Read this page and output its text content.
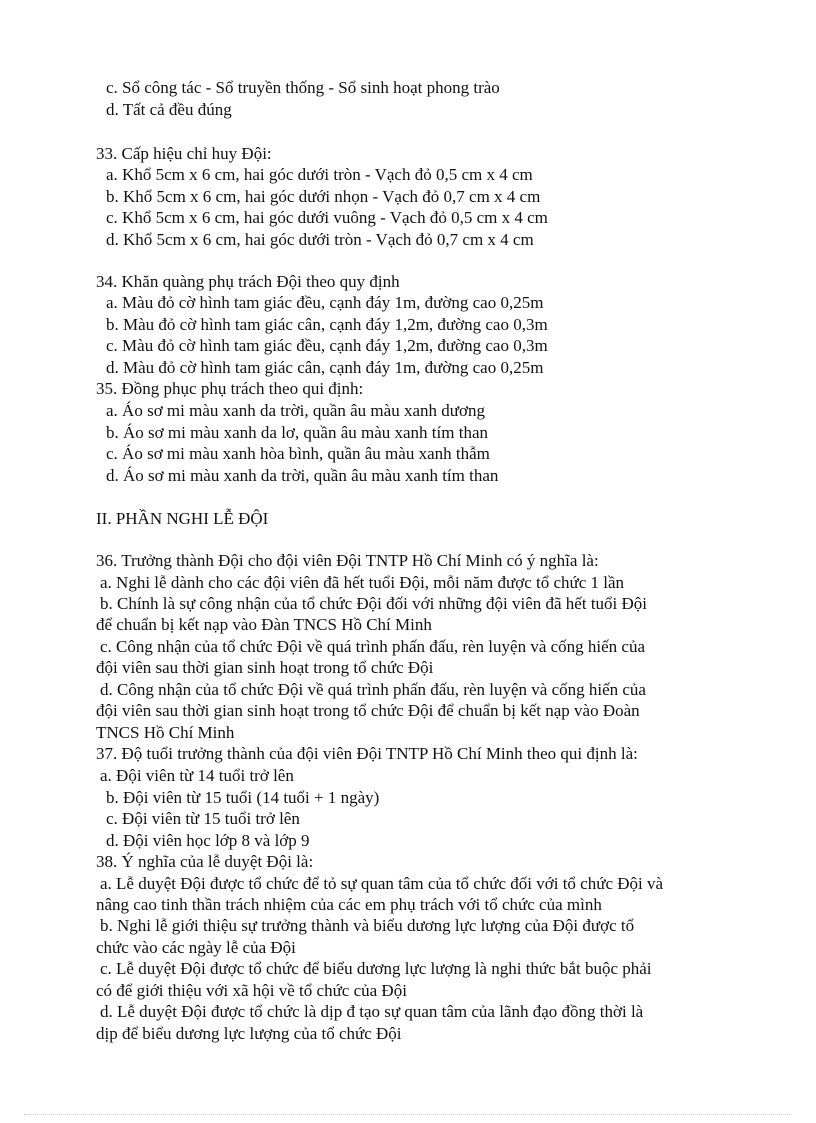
c. Sổ công tác - Sổ truyền thống - Sổ sinh hoạt phong trào
d. Tất cả đều đúng
33. Cấp hiệu chỉ huy Đội:
a. Khổ 5cm x 6 cm, hai góc dưới tròn - Vạch đỏ 0,5 cm x 4 cm
b. Khổ 5cm x 6 cm, hai góc dưới nhọn - Vạch đỏ 0,7 cm x 4 cm
c. Khổ 5cm x 6 cm, hai góc dưới vuông - Vạch đỏ 0,5 cm x 4 cm
d. Khổ 5cm x 6 cm, hai góc dưới tròn - Vạch đỏ 0,7 cm x 4 cm
34. Khăn quàng phụ trách Đội theo quy định
a. Màu đỏ cờ hình tam giác đều, cạnh đáy 1m, đường cao 0,25m
b. Màu đỏ cờ hình tam giác cân, cạnh đáy 1,2m, đường cao 0,3m
c. Màu đỏ cờ hình tam giác đều, cạnh đáy 1,2m, đường cao 0,3m
d. Màu đỏ cờ hình tam giác cân, cạnh đáy 1m, đường cao 0,25m
35. Đồng phục phụ trách theo qui định:
a. Áo sơ mi màu xanh da trời, quần âu màu xanh dương
b. Áo sơ mi màu xanh da lơ, quần âu màu xanh tím than
c. Áo sơ mi màu xanh hòa bình, quần âu màu xanh thẫm
d. Áo sơ mi màu xanh da trời, quần âu màu xanh tím than
II. PHẦN NGHI LỄ ĐỘI
36. Trưởng thành Đội cho đội viên Đội TNTP Hồ Chí Minh có ý nghĩa là:
a. Nghi lễ dành cho các đội viên đã hết tuổi Đội, mỗi năm được tổ chức 1 lần
b. Chính là sự công nhận của tổ chức Đội đối với những đội viên đã hết tuổi Đội
để chuẩn bị kết nạp vào Đàn TNCS Hồ Chí Minh
c. Công nhận của tổ chức Đội về quá trình phấn đấu, rèn luyện và cống hiến của
đội viên sau thời gian sinh hoạt trong tổ chức Đội
d. Công nhận của tổ chức Đội về quá trình phấn đấu, rèn luyện và cống hiến của
đội viên sau thời gian sinh hoạt trong tổ chức Đội để chuẩn bị kết nạp vào Đoàn
TNCS Hồ Chí Minh
37. Độ tuổi trưởng thành của đội viên Đội TNTP Hồ Chí Minh theo qui định là:
a. Đội viên từ 14 tuổi trở lên
b. Đội viên từ 15 tuổi (14 tuổi + 1 ngày)
c. Đội viên từ 15 tuổi trở lên
d. Đội viên học lớp 8 và lớp 9
38. Ý nghĩa của lễ duyệt Đội là:
a. Lễ duyệt Đội được tổ chức để tỏ sự quan tâm của tổ chức đối với tổ chức Đội và
nâng cao tinh thần trách nhiệm của các em phụ trách với tổ chức của mình
b. Nghi lễ giới thiệu sự trưởng thành và biểu dương lực lượng của Đội được tổ
chức vào các ngày lễ của Đội
c. Lễ duyệt Đội được tổ chức để biểu dương lực lượng là nghi thức bắt buộc phải
có để giới thiệu với xã hội về tổ chức của Đội
d. Lễ duyệt Đội được tổ chức là dịp đ tạo sự quan tâm của lãnh đạo đồng thời là
dịp để biểu dương lực lượng của tổ chức Đội
